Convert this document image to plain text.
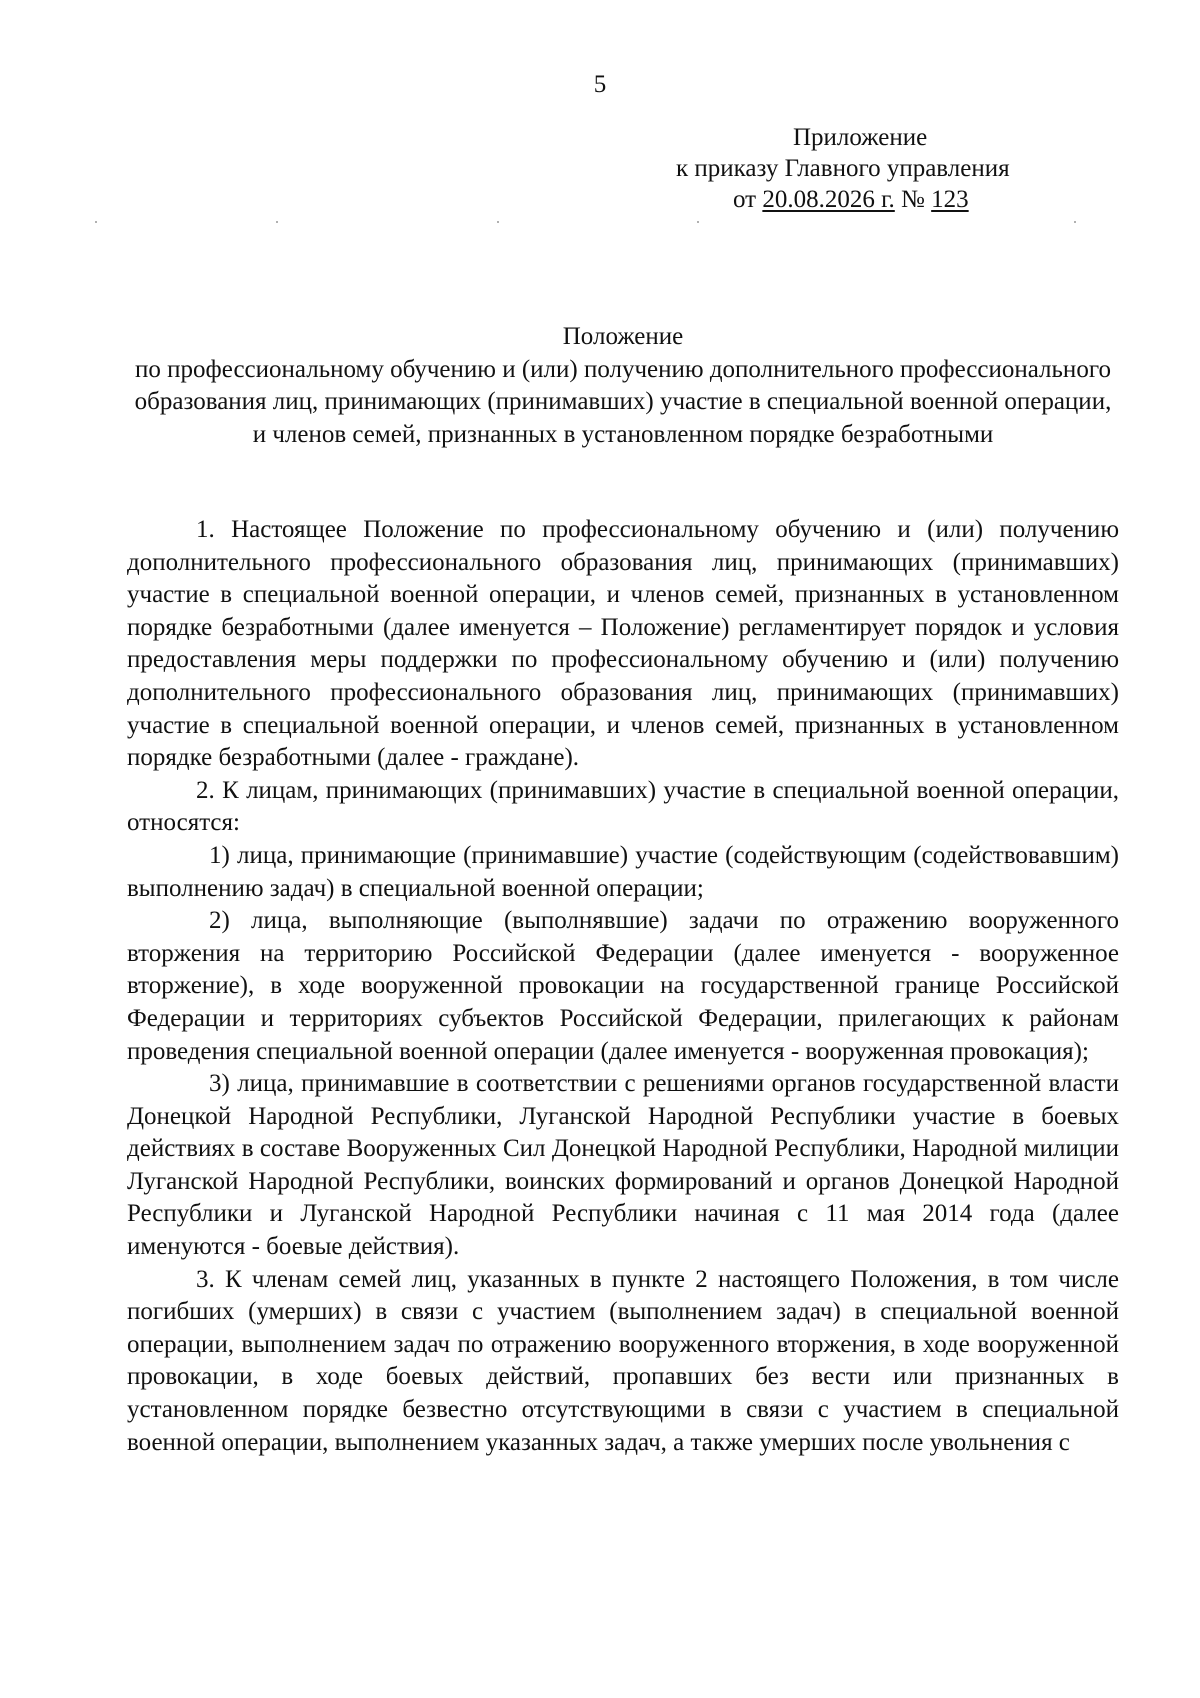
5
Приложение
к приказу Главного управления
от 20.08.2026 г. № 123
Положение
по профессиональному обучению и (или) получению дополнительного профессионального образования лиц, принимающих (принимавших) участие в специальной военной операции, и членов семей, признанных в установленном порядке безработными

1. Настоящее Положение по профессиональному обучению и (или) получению дополнительного профессионального образования лиц, принимающих (принимавших) участие в специальной военной операции, и членов семей, признанных в установленном порядке безработными (далее именуется – Положение) регламентирует порядок и условия предоставления меры поддержки по профессиональному обучению и (или) получению дополнительного профессионального образования лиц, принимающих (принимавших) участие в специальной военной операции, и членов семей, признанных в установленном порядке безработными (далее - граждане).

2. К лицам, принимающих (принимавших) участие в специальной военной операции, относятся:

1) лица, принимающие (принимавшие) участие (содействующим (содействовавшим) выполнению задач) в специальной военной операции;

2) лица, выполняющие (выполнявшие) задачи по отражению вооруженного вторжения на территорию Российской Федерации (далее именуется - вооруженное вторжение), в ходе вооруженной провокации на государственной границе Российской Федерации и территориях субъектов Российской Федерации, прилегающих к районам проведения специальной военной операции (далее именуется - вооруженная провокация);

3) лица, принимавшие в соответствии с решениями органов государственной власти Донецкой Народной Республики, Луганской Народной Республики участие в боевых действиях в составе Вооруженных Сил Донецкой Народной Республики, Народной милиции Луганской Народной Республики, воинских формирований и органов Донецкой Народной Республики и Луганской Народной Республики начиная с 11 мая 2014 года (далее именуются - боевые действия).

3. К членам семей лиц, указанных в пункте 2 настоящего Положения, в том числе погибших (умерших) в связи с участием (выполнением задач) в специальной военной операции, выполнением задач по отражению вооруженного вторжения, в ходе вооруженной провокации, в ходе боевых действий, пропавших без вести или признанных в установленном порядке безвестно отсутствующими в связи с участием в специальной военной операции, выполнением указанных задач, а также умерших после увольнения с
